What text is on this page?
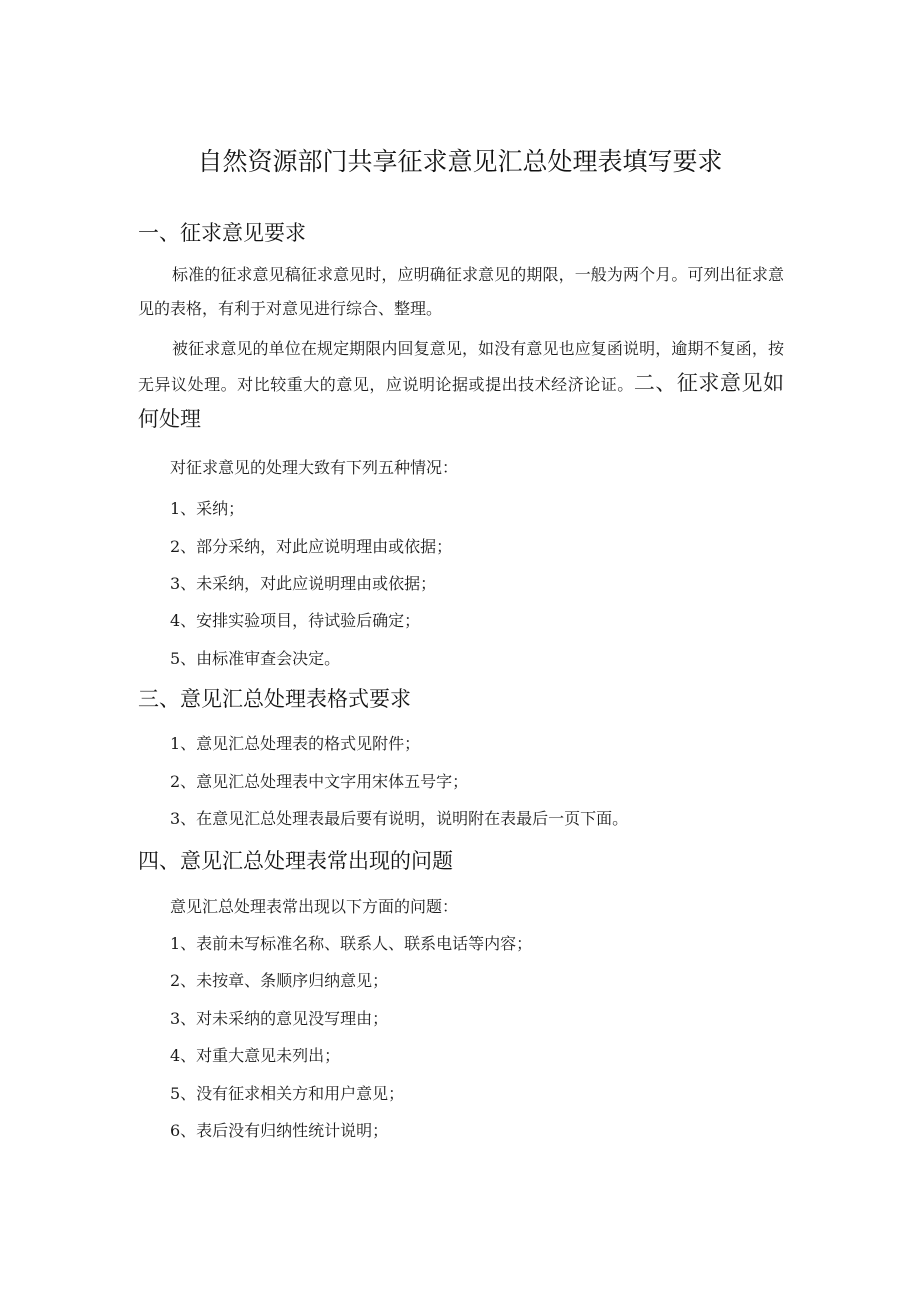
自然资源部门共享征求意见汇总处理表填写要求
一、征求意见要求
标准的征求意见稿征求意见时，应明确征求意见的期限，一般为两个月。可列出征求意见的表格，有利于对意见进行综合、整理。
被征求意见的单位在规定期限内回复意见，如没有意见也应复函说明，逾期不复函，按无异议处理。对比较重大的意见，应说明论据或提出技术经济论证。二、征求意见如何处理
对征求意见的处理大致有下列五种情况：
1、采纳；
2、部分采纳，对此应说明理由或依据；
3、未采纳，对此应说明理由或依据；
4、安排实验项目，待试验后确定；
5、由标准审查会决定。
三、意见汇总处理表格式要求
1、意见汇总处理表的格式见附件；
2、意见汇总处理表中文字用宋体五号字；
3、在意见汇总处理表最后要有说明，说明附在表最后一页下面。
四、意见汇总处理表常出现的问题
意见汇总处理表常出现以下方面的问题：
1、表前未写标准名称、联系人、联系电话等内容；
2、未按章、条顺序归纳意见；
3、对未采纳的意见没写理由；
4、对重大意见未列出；
5、没有征求相关方和用户意见；
6、表后没有归纳性统计说明；
